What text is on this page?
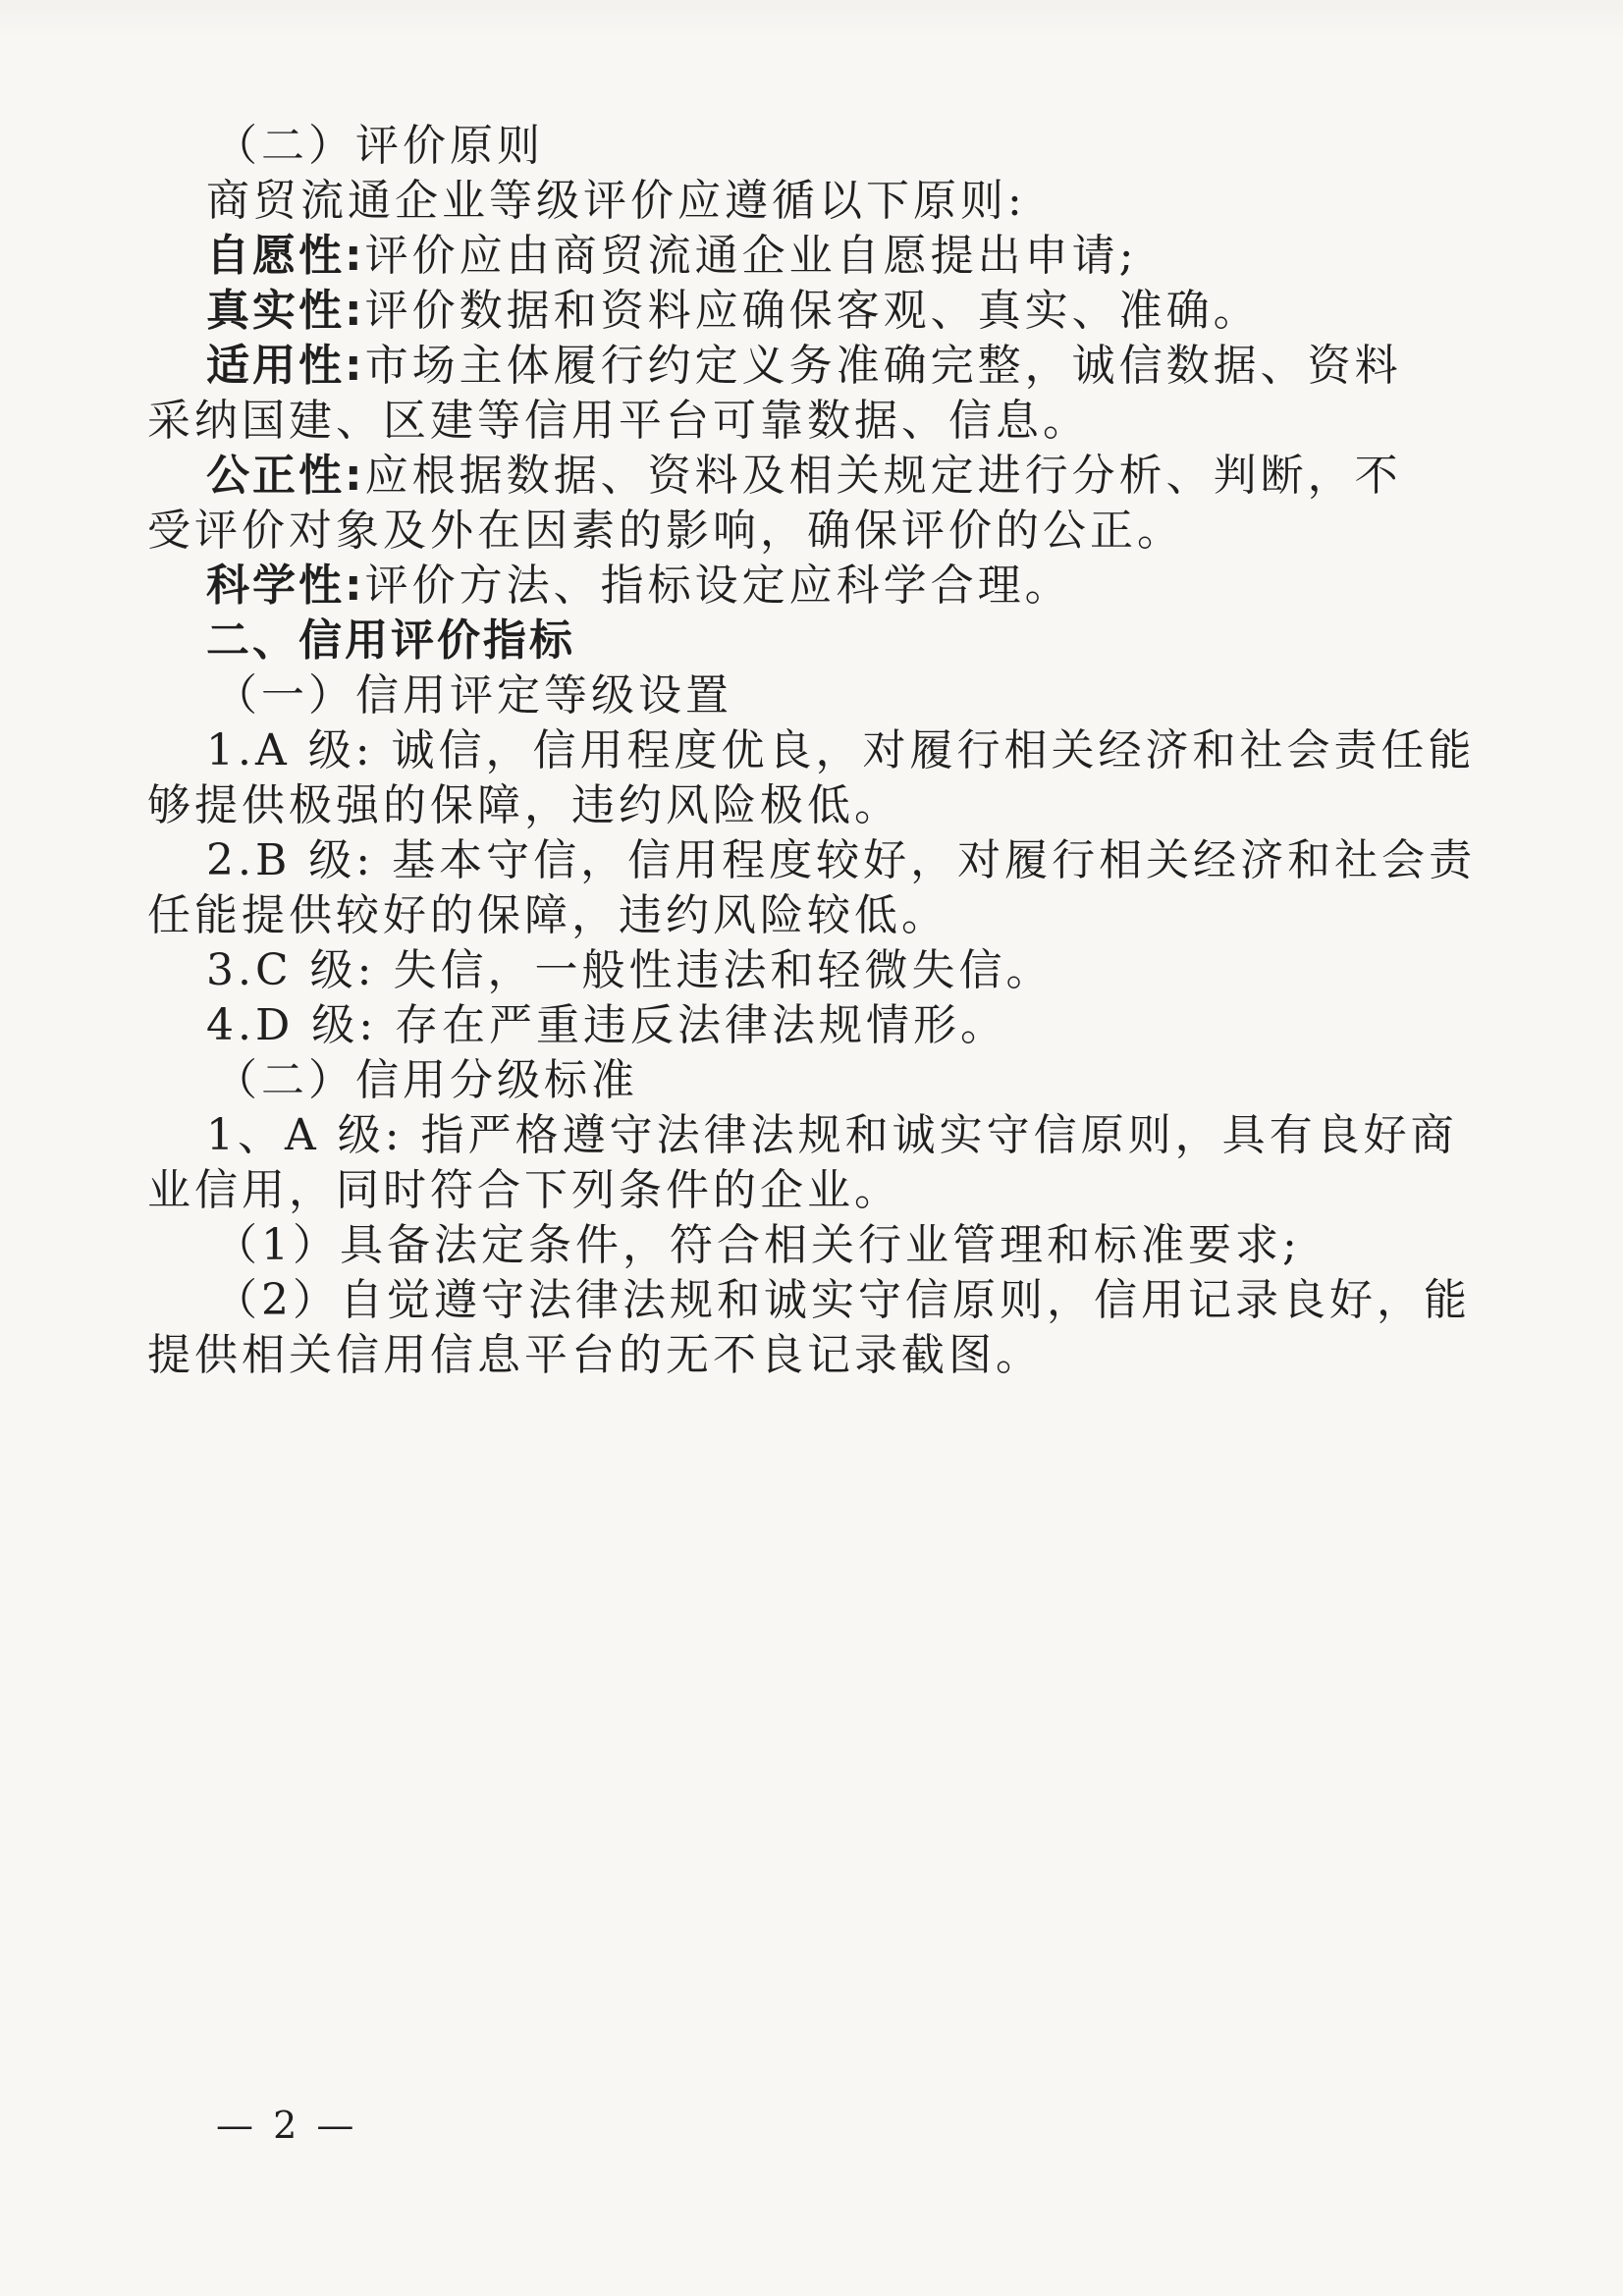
（二）评价原则
商贸流通企业等级评价应遵循以下原则:
自愿性:评价应由商贸流通企业自愿提出申请;
真实性:评价数据和资料应确保客观、真实、准确。
适用性:市场主体履行约定义务准确完整，诚信数据、资料
采纳国建、区建等信用平台可靠数据、信息。
公正性:应根据数据、资料及相关规定进行分析、判断，不
受评价对象及外在因素的影响，确保评价的公正。
科学性:评价方法、指标设定应科学合理。
二、信用评价指标
（一）信用评定等级设置
1.A 级: 诚信，信用程度优良，对履行相关经济和社会责任能
够提供极强的保障，违约风险极低。
2.B 级: 基本守信，信用程度较好，对履行相关经济和社会责
任能提供较好的保障，违约风险较低。
3.C 级: 失信，一般性违法和轻微失信。
4.D 级: 存在严重违反法律法规情形。
（二）信用分级标准
1、A 级: 指严格遵守法律法规和诚实守信原则，具有良好商
业信用，同时符合下列条件的企业。
（1）具备法定条件，符合相关行业管理和标准要求;
（2）自觉遵守法律法规和诚实守信原则，信用记录良好，能
提供相关信用信息平台的无不良记录截图。
— 2 —
